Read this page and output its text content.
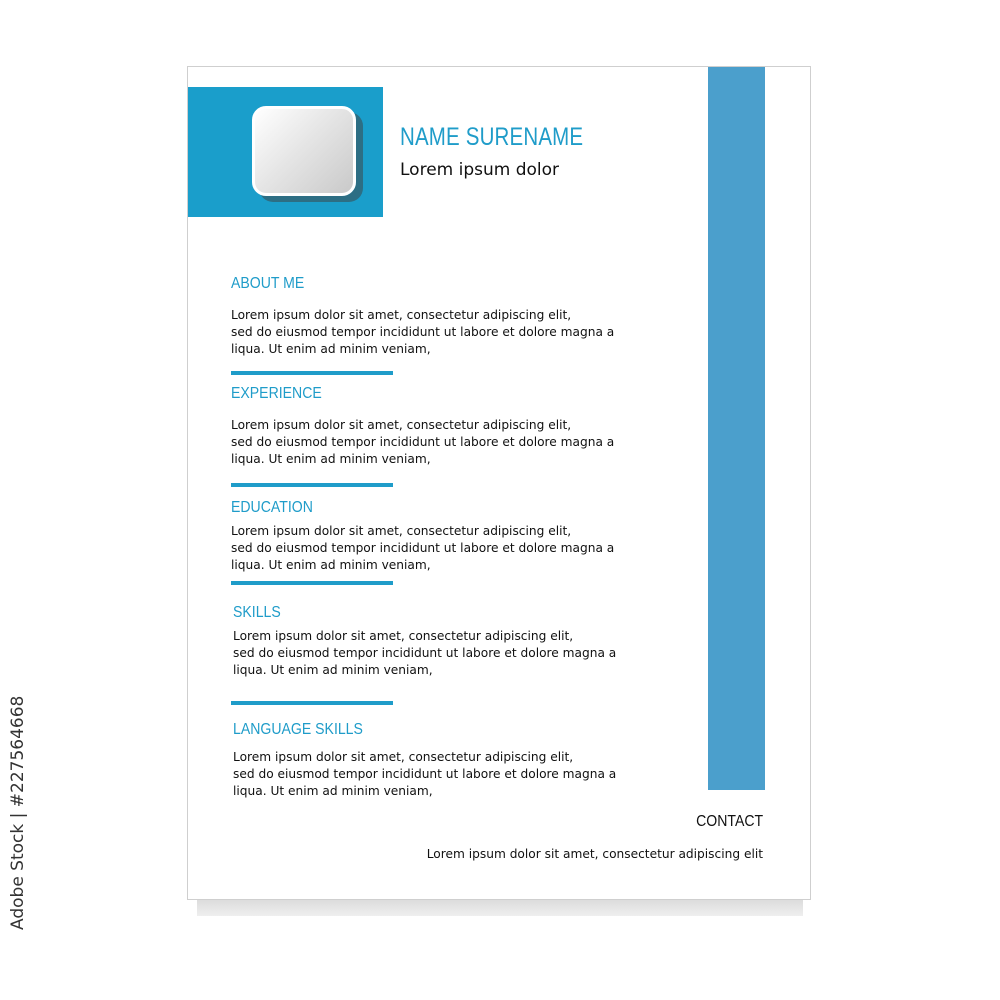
NAME SURENAME
Lorem ipsum dolor
ABOUT ME
Lorem ipsum dolor sit amet, consectetur adipiscing elit,
sed do eiusmod tempor incididunt ut labore et dolore magna a
liqua. Ut enim ad minim veniam,
EXPERIENCE
Lorem ipsum dolor sit amet, consectetur adipiscing elit,
sed do eiusmod tempor incididunt ut labore et dolore magna a
liqua. Ut enim ad minim veniam,
EDUCATION
Lorem ipsum dolor sit amet, consectetur adipiscing elit,
sed do eiusmod tempor incididunt ut labore et dolore magna a
liqua. Ut enim ad minim veniam,
SKILLS
Lorem ipsum dolor sit amet, consectetur adipiscing elit,
sed do eiusmod tempor incididunt ut labore et dolore magna a
liqua. Ut enim ad minim veniam,
LANGUAGE SKILLS
Lorem ipsum dolor sit amet, consectetur adipiscing elit,
sed do eiusmod tempor incididunt ut labore et dolore magna a
liqua. Ut enim ad minim veniam,
CONTACT
Lorem ipsum dolor sit amet, consectetur adipiscing elit
Adobe Stock | #227564668
